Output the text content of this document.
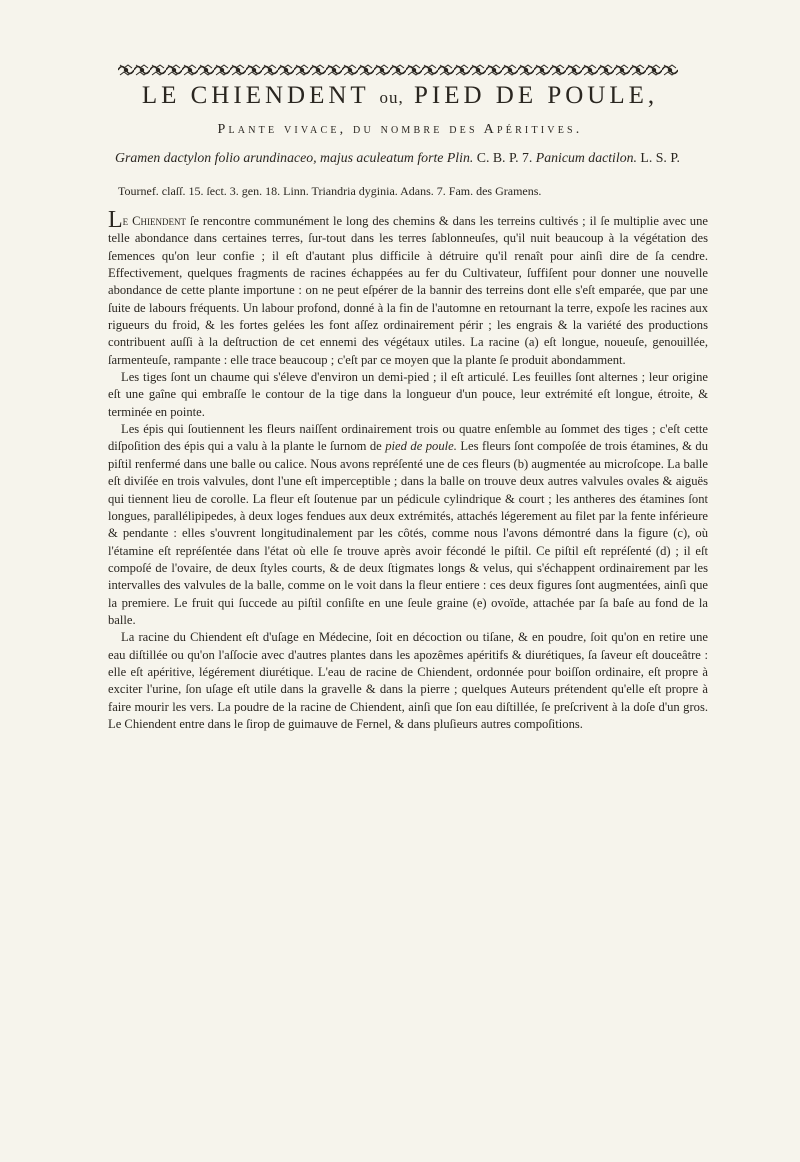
LE CHIENDENT ou, PIED DE POULE,
Plante vivace, du nombre des Apéritives.
Gramen dactylon folio arundinaceo, majus aculeatum forte Plin. C. B. P. 7. Panicum dactilon. L. S. P.
Tournef. claſſ. 15. ſect. 3. gen. 18. Linn. Triandria dyginia. Adans. 7. Fam. des Gramens.

Le Chiendent ſe rencontre communément le long des chemins & dans les terreins cultivés ; il ſe multiplie avec une telle abondance dans certaines terres, ſur-tout dans les terres ſablonneuſes, qu'il nuit beaucoup à la végétation des ſemences qu'on leur confie ; il eſt d'autant plus difficile à détruire qu'il renaît pour ainſi dire de ſa cendre. Effectivement, quelques fragments de racines échappées au fer du Cultivateur, ſuffiſent pour donner une nouvelle abondance de cette plante importune : on ne peut eſpérer de la bannir des terreins dont elle s'eſt emparée, que par une ſuite de labours fréquents. Un labour profond, donné à la fin de l'automne en retournant la terre, expoſe les racines aux rigueurs du froid, & les fortes gelées les font aſſez ordinairement périr ; les engrais & la variété des productions contribuent auſſi à la deſtruction de cet ennemi des végétaux utiles. La racine (a) eſt longue, noueuſe, genouillée, ſarmenteuſe, rampante : elle trace beaucoup ; c'eſt par ce moyen que la plante ſe produit abondamment.

Les tiges ſont un chaume qui s'éleve d'environ un demi-pied ; il eſt articulé. Les feuilles ſont alternes ; leur origine eſt une gaîne qui embraſſe le contour de la tige dans la longueur d'un pouce, leur extrémité eſt longue, étroite, & terminée en pointe.

Les épis qui ſoutiennent les fleurs naiſſent ordinairement trois ou quatre enſemble au ſommet des tiges ; c'eſt cette diſpoſition des épis qui a valu à la plante le ſurnom de pied de poule. Les fleurs ſont compoſée de trois étamines, & du piſtil renfermé dans une balle ou calice. Nous avons repréſenté une de ces fleurs (b) augmentée au microſcope. La balle eſt diviſée en trois valvules, dont l'une eſt imperceptible ; dans la balle on trouve deux autres valvules ovales & aiguës qui tiennent lieu de corolle. La fleur eſt ſoutenue par un pédicule cylindrique & court ; les antheres des étamines ſont longues, parallélipipedes, à deux loges fendues aux deux extrémités, attachés légerement au filet par la fente inférieure & pendante : elles s'ouvrent longitudinalement par les côtés, comme nous l'avons démontré dans la figure (c), où l'étamine eſt repréſentée dans l'état où elle ſe trouve après avoir fécondé le piſtil. Ce piſtil eſt repréſenté (d) ; il eſt compoſé de l'ovaire, de deux ſtyles courts, & de deux ſtigmates longs & velus, qui s'échappent ordinairement par les intervalles des valvules de la balle, comme on le voit dans la fleur entiere : ces deux figures ſont augmentées, ainſi que la premiere. Le fruit qui ſuccede au piſtil conſiſte en une ſeule graine (e) ovoïde, attachée par ſa baſe au fond de la balle.

La racine du Chiendent eſt d'uſage en Médecine, ſoit en décoction ou tiſane, & en poudre, ſoit qu'on en retire une eau diſtillée ou qu'on l'aſſocie avec d'autres plantes dans les apozêmes apéritifs & diurétiques, ſa ſaveur eſt douceâtre : elle eſt apéritive, légérement diurétique. L'eau de racine de Chiendent, ordonnée pour boiſſon ordinaire, eſt propre à exciter l'urine, ſon uſage eſt utile dans la gravelle & dans la pierre ; quelques Auteurs prétendent qu'elle eſt propre à faire mourir les vers. La poudre de la racine de Chiendent, ainſi que ſon eau diſtillée, ſe preſcrivent à la doſe d'un gros. Le Chiendent entre dans le ſirop de guimauve de Fernel, & dans pluſieurs autres compoſitions.
